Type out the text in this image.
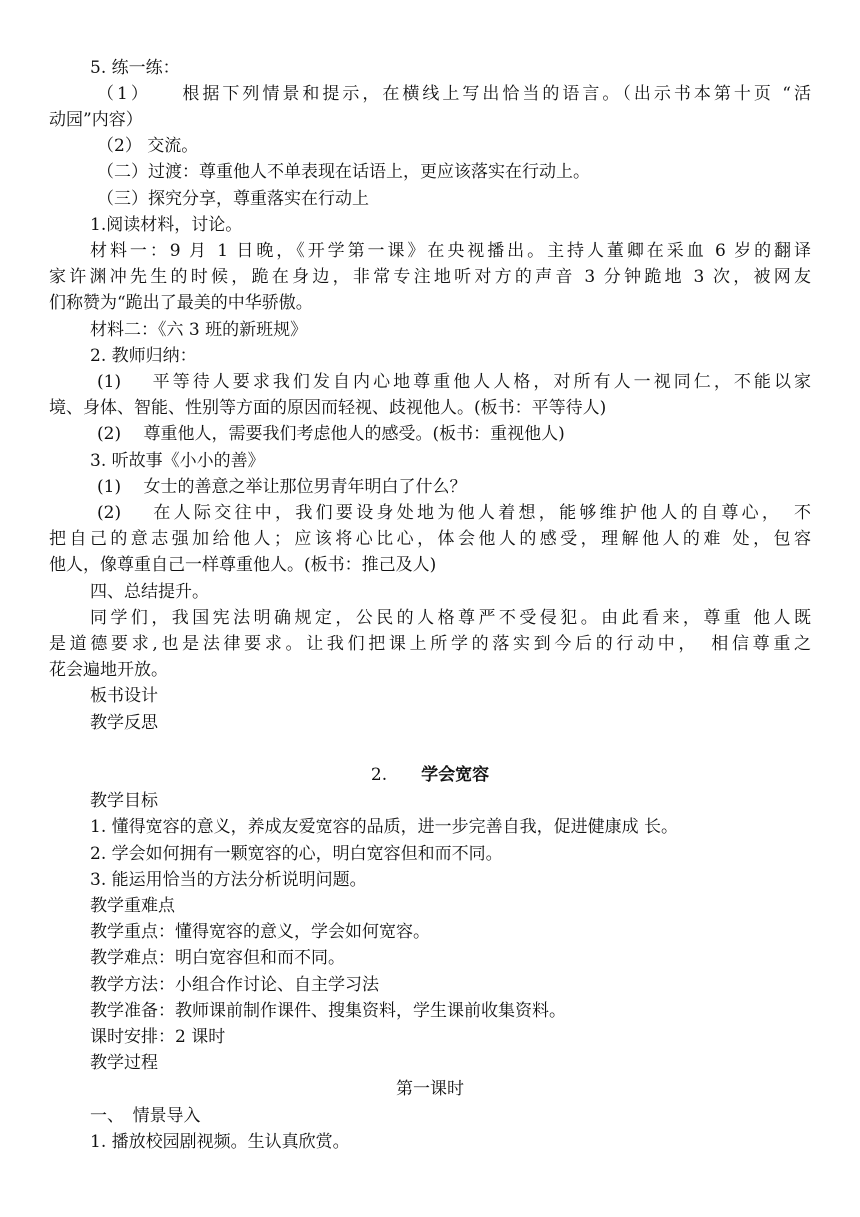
5. 练一练：
（1）　　根据下列情景和提示，在横线上写出恰当的语言。（出示书本第十页 “活
动园”内容）
（2） 交流。
（二）过渡：尊重他人不单表现在话语上，更应该落实在行动上。
（三）探究分享，尊重落实在行动上
1.阅读材料，讨论。
材料一：9 月 1 日晚，《开学第一课》在央视播出。主持人董卿在采血 6 岁的翻译
家许渊冲先生的时候，跪在身边，非常专注地听对方的声音 3 分钟跪地 3 次，被网友
们称赞为“跪出了最美的中华骄傲。
材料二：《六 3 班的新班规》
2. 教师归纳：
(1)　 平等待人要求我们发自内心地尊重他人人格，对所有人一视同仁，不能以家
境、身体、智能、性别等方面的原因而轻视、歧视他人。(板书：平等待人)
(2)　 尊重他人，需要我们考虑他人的感受。(板书：重视他人)
3. 听故事《小小的善》
(1)　 女士的善意之举让那位男青年明白了什么？
(2)　 在人际交往中，我们要设身处地为他人着想，能够维护他人的自尊心，　不
把自己的意志强加给他人；应该将心比心，体会他人的感受，理解他人的难 处，包容
他人，像尊重自己一样尊重他人。(板书：推己及人)
四、总结提升。
同学们，我国宪法明确规定，公民的人格尊严不受侵犯。由此看来，尊重 他人既
是道德要求,也是法律要求。让我们把课上所学的落实到今后的行动中，　相信尊重之
花会遍地开放。
板书设计
教学反思
2. 学会宽容
教学目标
1. 懂得宽容的意义，养成友爱宽容的品质，进一步完善自我，促进健康成 长。
2. 学会如何拥有一颗宽容的心，明白宽容但和而不同。
3. 能运用恰当的方法分析说明问题。
教学重难点
教学重点：懂得宽容的意义，学会如何宽容。
教学难点：明白宽容但和而不同。
教学方法：小组合作讨论、自主学习法
教学准备：教师课前制作课件、搜集资料，学生课前收集资料。
课时安排：2 课时
教学过程
第一课时
一、　情景导入
1. 播放校园剧视频。生认真欣赏。
